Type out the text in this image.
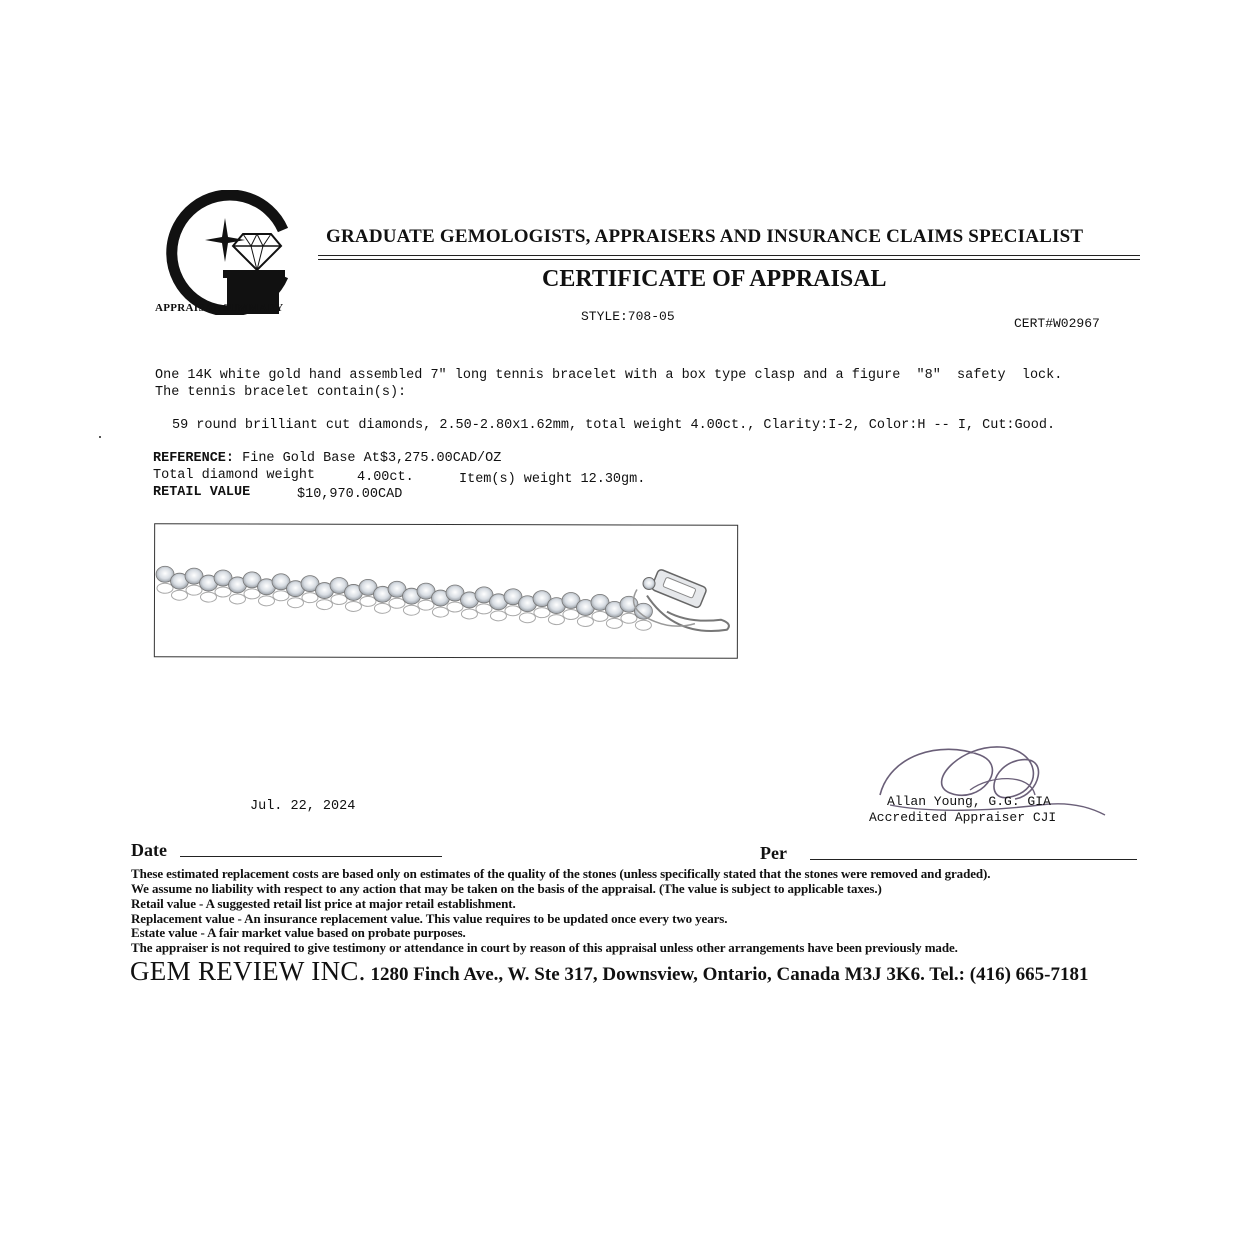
APPRAISAL SUMMARY
GRADUATE GEMOLOGISTS, APPRAISERS AND INSURANCE CLAIMS SPECIALIST
CERTIFICATE OF APPRAISAL
STYLE:708-05	CERT#W02967
One 14K white gold hand assembled 7" long tennis bracelet with a box type clasp and a figure  "8"  safety  lock.
The tennis bracelet contain(s):
59 round brilliant cut diamonds, 2.50-2.80x1.62mm, total weight 4.00ct., Clarity:I-2, Color:H -- I, Cut:Good.
REFERENCE: Fine Gold Base At$3,275.00CAD/OZ
Total diamond weight	4.00ct.	Item(s) weight 12.30gm.
RETAIL VALUE	$10,970.00CAD
Jul. 22, 2024	Allan Young, G.G. GIA
Accredited Appraiser CJI
Date	Per
These estimated replacement costs are based only on estimates of the quality of the stones (unless specifically stated that the stones were removed and graded).
We assume no liability with respect to any action that may be taken on the basis of the appraisal. (The value is subject to applicable taxes.)
Retail value - A suggested retail list price at major retail establishment.
Replacement value - An insurance replacement value. This value requires to be updated once every two years.
Estate value - A fair market value based on probate purposes.
The appraiser is not required to give testimony or attendance in court by reason of this appraisal unless other arrangements have been previously made.
GEM REVIEW INC. 1280 Finch Ave., W. Ste 317, Downsview, Ontario, Canada M3J 3K6. Tel.: (416) 665-7181
